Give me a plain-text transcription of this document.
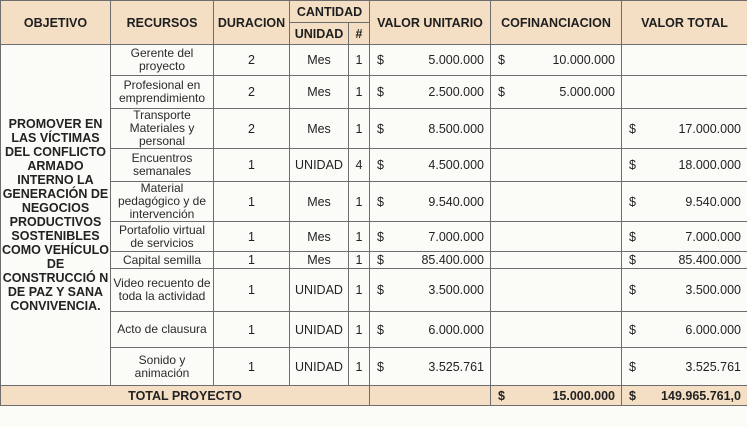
OBJETIVO	RECURSOS	DURACION	CANTIDAD		VALOR UNITARIO	COFINANCIACION	VALOR TOTAL
			UNIDAD	#			
PROMOVER EN LAS VÍCTIMAS DEL CONFLICTO ARMADO INTERNO LA GENERACIÓN DE NEGOCIOS PRODUCTIVOS SOSTENIBLES COMO VEHÍCULO DE CONSTRUCCIÓ N DE PAZ Y SANA CONVIVENCIA.	Gerente del proyecto	2	Mes	1	$ 5.000.000	$ 10.000.000	

	Profesional en emprendimiento	2	Mes	1	$ 2.500.000	$ 5.000.000	

	Transporte Materiales y personal	2	Mes	1	$ 8.500.000		$ 17.000.000

	Encuentros semanales	1	UNIDAD	4	$ 4.500.000		$ 18.000.000

	Material pedagógico y de intervención	1	Mes	1	$ 9.540.000		$ 9.540.000

	Portafolio virtual de servicios	1	Mes	1	$ 7.000.000		$ 7.000.000

	Capital semilla	1	Mes	1	$ 85.400.000		$ 85.400.000

	Video recuento de toda la actividad	1	UNIDAD	1	$ 3.500.000		$ 3.500.000

	Acto de clausura	1	UNIDAD	1	$ 6.000.000		$ 6.000.000

	Sonido y animación	1	UNIDAD	1	$ 3.525.761		$ 3.525.761

TOTAL PROYECTO						$ 15.000.000	$ 149.965.761,0
